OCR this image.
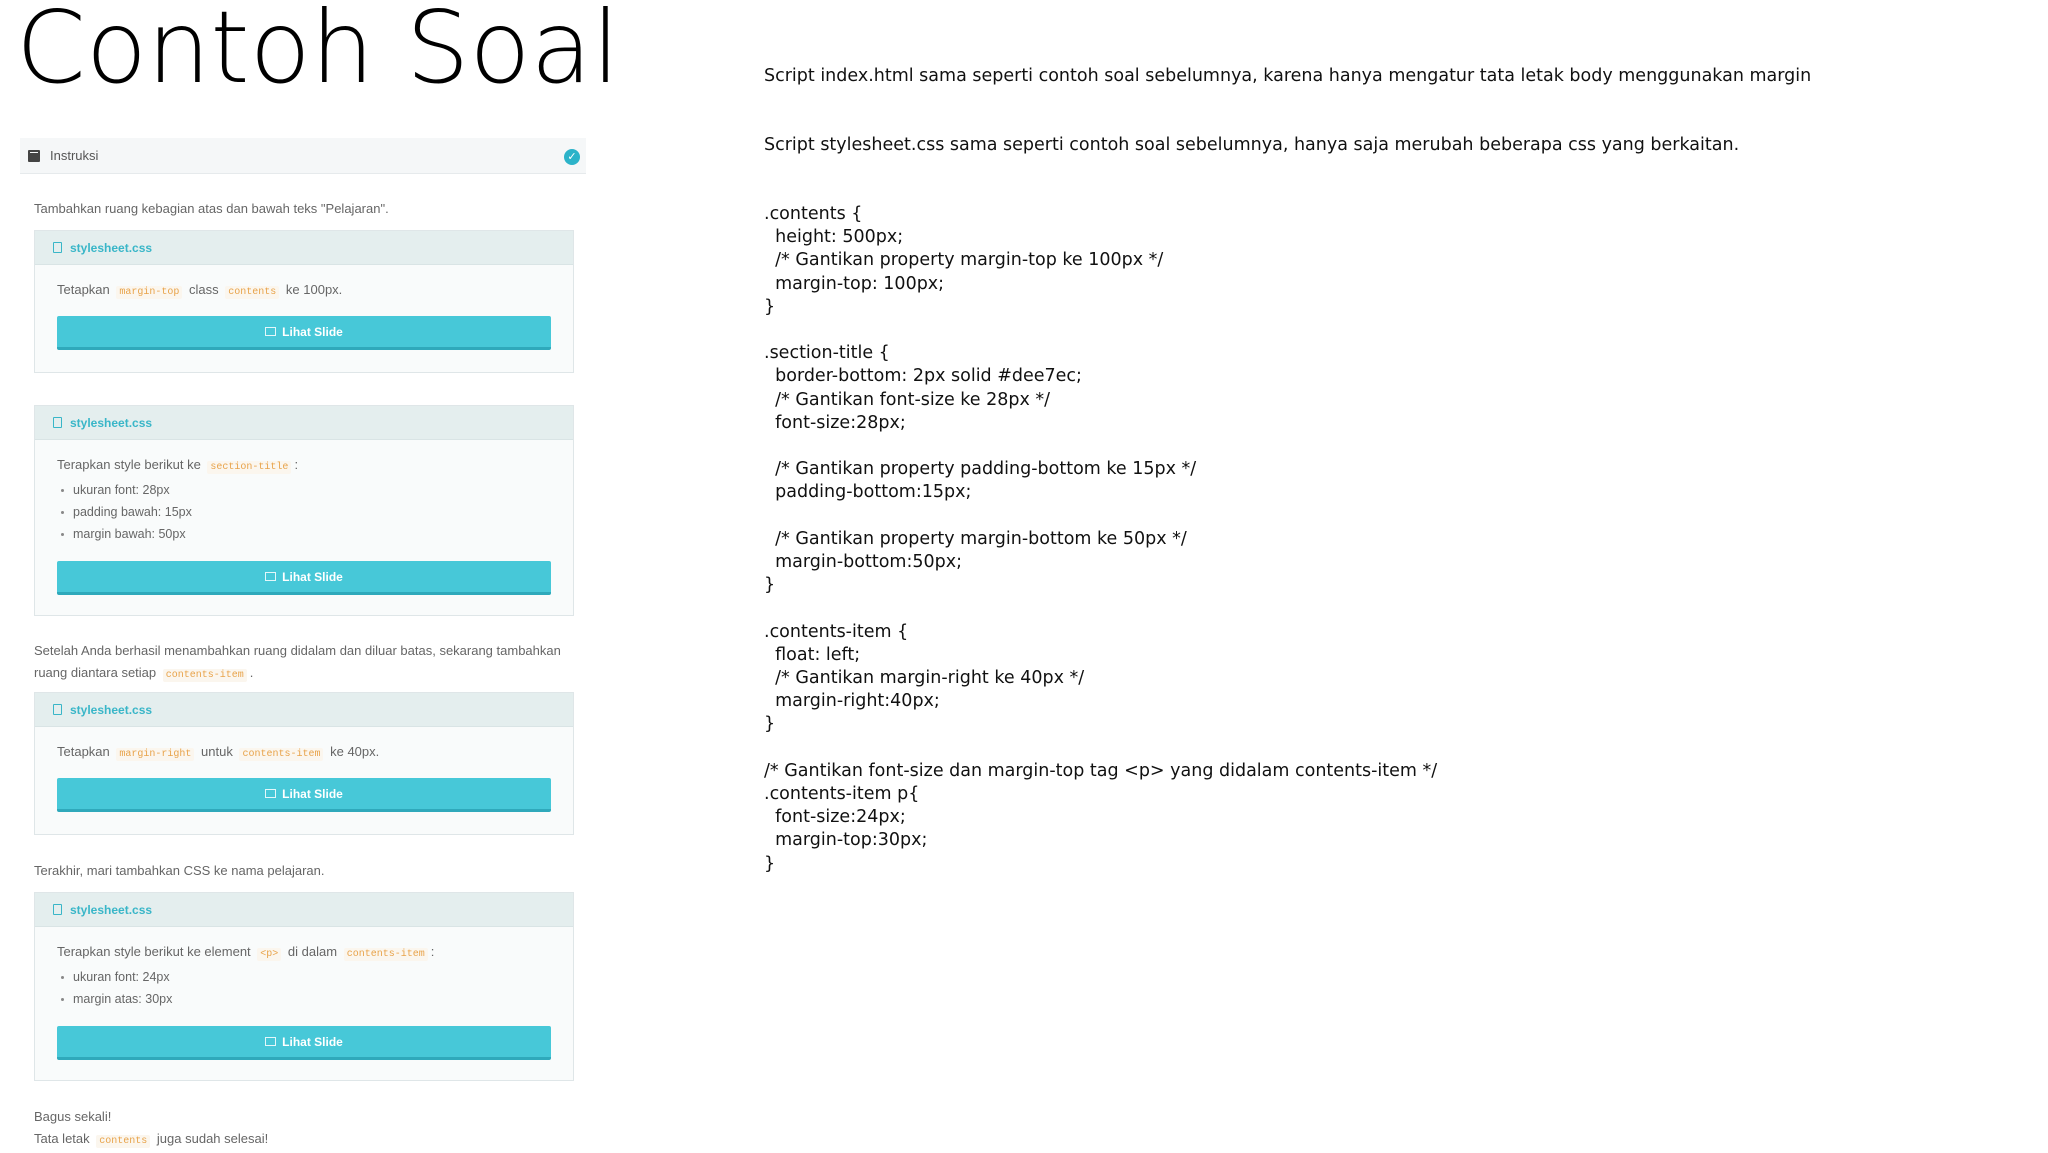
Contoh Soal
Instruksi	✓
Tambahkan ruang kebagian atas dan bawah teks "Pelajaran".
stylesheet.css
Tetapkan margin-top class contents ke 100px.
Lihat Slide
stylesheet.css
Terapkan style berikut ke section-title :
ukuran font: 28px
padding bawah: 15px
margin bawah: 50px
Lihat Slide
Setelah Anda berhasil menambahkan ruang didalam dan diluar batas, sekarang tambahkan ruang diantara setiap contents-item .
stylesheet.css
Tetapkan margin-right untuk contents-item ke 40px.
Lihat Slide
Terakhir, mari tambahkan CSS ke nama pelajaran.
stylesheet.css
Terapkan style berikut ke element <p> di dalam contents-item :
ukuran font: 24px
margin atas: 30px
Lihat Slide
Bagus sekali!
Tata letak contents juga sudah selesai!

Script index.html sama seperti contoh soal sebelumnya, karena hanya mengatur tata letak body menggunakan margin

Script stylesheet.css sama seperti contoh soal sebelumnya, hanya saja merubah beberapa css yang berkaitan.

.contents {
height: 500px;
/* Gantikan property margin-top ke 100px */
margin-top: 100px;
}

.section-title {
border-bottom: 2px solid #dee7ec;
/* Gantikan font-size ke 28px */
font-size:28px;

/* Gantikan property padding-bottom ke 15px */
padding-bottom:15px;

/* Gantikan property margin-bottom ke 50px */
margin-bottom:50px;
}

.contents-item {
float: left;
/* Gantikan margin-right ke 40px */
margin-right:40px;
}

/* Gantikan font-size dan margin-top tag <p> yang didalam contents-item */
.contents-item p{
font-size:24px;
margin-top:30px;
}
